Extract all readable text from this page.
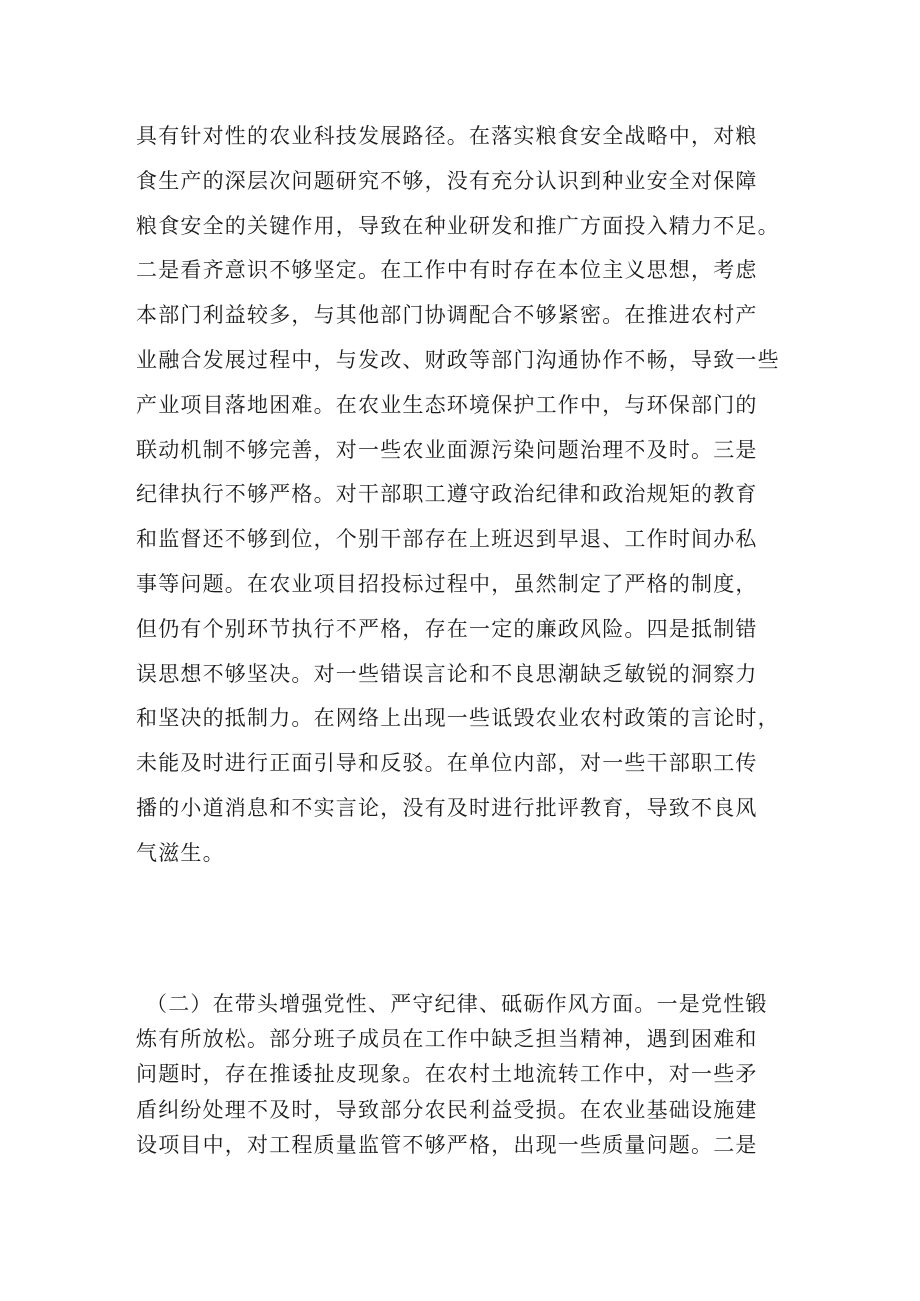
具有针对性的农业科技发展路径。在落实粮食安全战略中，对粮
食生产的深层次问题研究不够，没有充分认识到种业安全对保障
粮食安全的关键作用，导致在种业研发和推广方面投入精力不足。
二是看齐意识不够坚定。在工作中有时存在本位主义思想，考虑
本部门利益较多，与其他部门协调配合不够紧密。在推进农村产
业融合发展过程中，与发改、财政等部门沟通协作不畅，导致一些
产业项目落地困难。在农业生态环境保护工作中，与环保部门的
联动机制不够完善，对一些农业面源污染问题治理不及时。三是
纪律执行不够严格。对干部职工遵守政治纪律和政治规矩的教育
和监督还不够到位，个别干部存在上班迟到早退、工作时间办私
事等问题。在农业项目招投标过程中，虽然制定了严格的制度，
但仍有个别环节执行不严格，存在一定的廉政风险。四是抵制错
误思想不够坚决。对一些错误言论和不良思潮缺乏敏锐的洞察力
和坚决的抵制力。在网络上出现一些诋毁农业农村政策的言论时，
未能及时进行正面引导和反驳。在单位内部，对一些干部职工传
播的小道消息和不实言论，没有及时进行批评教育，导致不良风
气滋生。
（二）在带头增强党性、严守纪律、砥砺作风方面。一是党性锻
炼有所放松。部分班子成员在工作中缺乏担当精神，遇到困难和
问题时，存在推诿扯皮现象。在农村土地流转工作中，对一些矛
盾纠纷处理不及时，导致部分农民利益受损。在农业基础设施建
设项目中，对工程质量监管不够严格，出现一些质量问题。二是
